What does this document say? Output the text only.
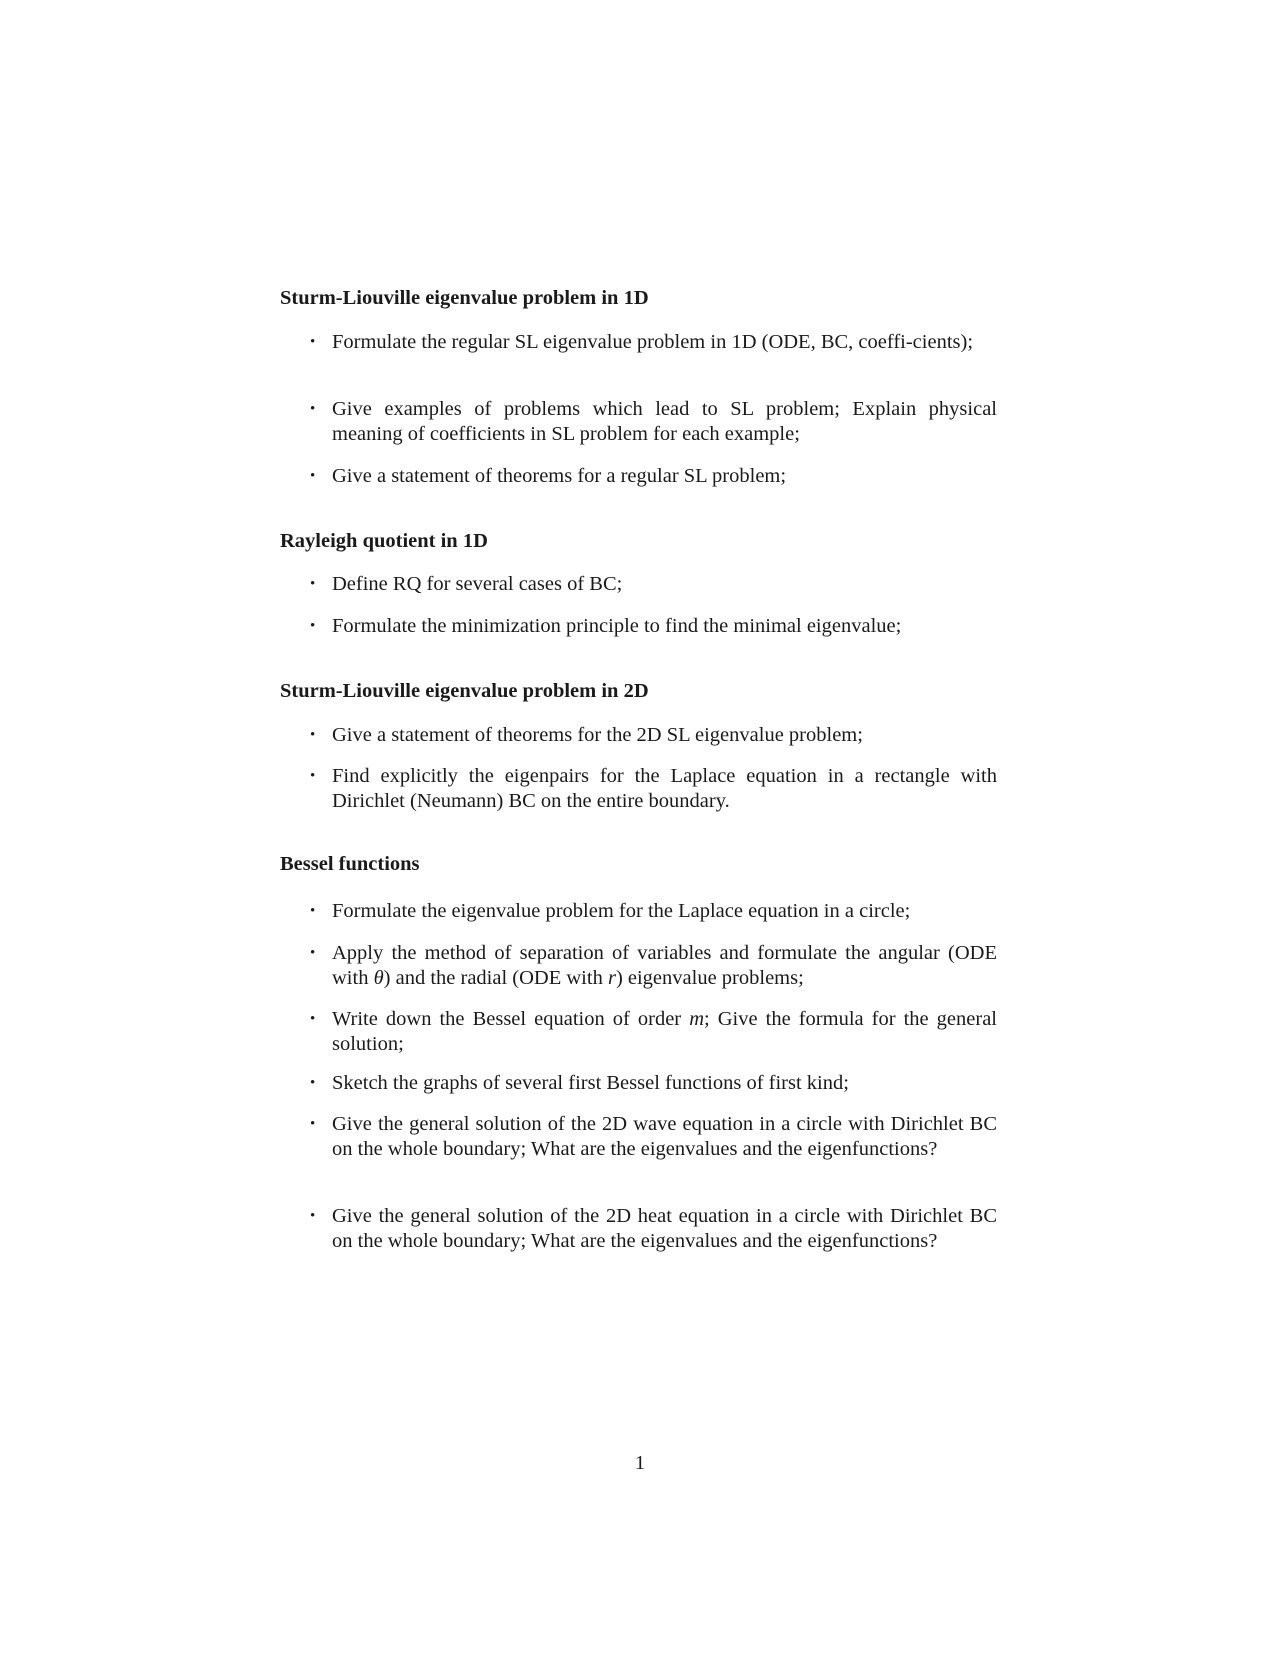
Sturm-Liouville eigenvalue problem in 1D
• Formulate the regular SL eigenvalue problem in 1D (ODE, BC, coeffi-cients);
• Give examples of problems which lead to SL problem; Explain physical meaning of coefficients in SL problem for each example;
• Give a statement of theorems for a regular SL problem;
Rayleigh quotient in 1D
• Define RQ for several cases of BC;
• Formulate the minimization principle to find the minimal eigenvalue;
Sturm-Liouville eigenvalue problem in 2D
• Give a statement of theorems for the 2D SL eigenvalue problem;
• Find explicitly the eigenpairs for the Laplace equation in a rectangle with Dirichlet (Neumann) BC on the entire boundary.
Bessel functions
• Formulate the eigenvalue problem for the Laplace equation in a circle;
• Apply the method of separation of variables and formulate the angular (ODE with θ) and the radial (ODE with r) eigenvalue problems;
• Write down the Bessel equation of order m; Give the formula for the general solution;
• Sketch the graphs of several first Bessel functions of first kind;
• Give the general solution of the 2D wave equation in a circle with Dirichlet BC on the whole boundary; What are the eigenvalues and the eigenfunctions?
• Give the general solution of the 2D heat equation in a circle with Dirichlet BC on the whole boundary; What are the eigenvalues and the eigenfunctions?
1
